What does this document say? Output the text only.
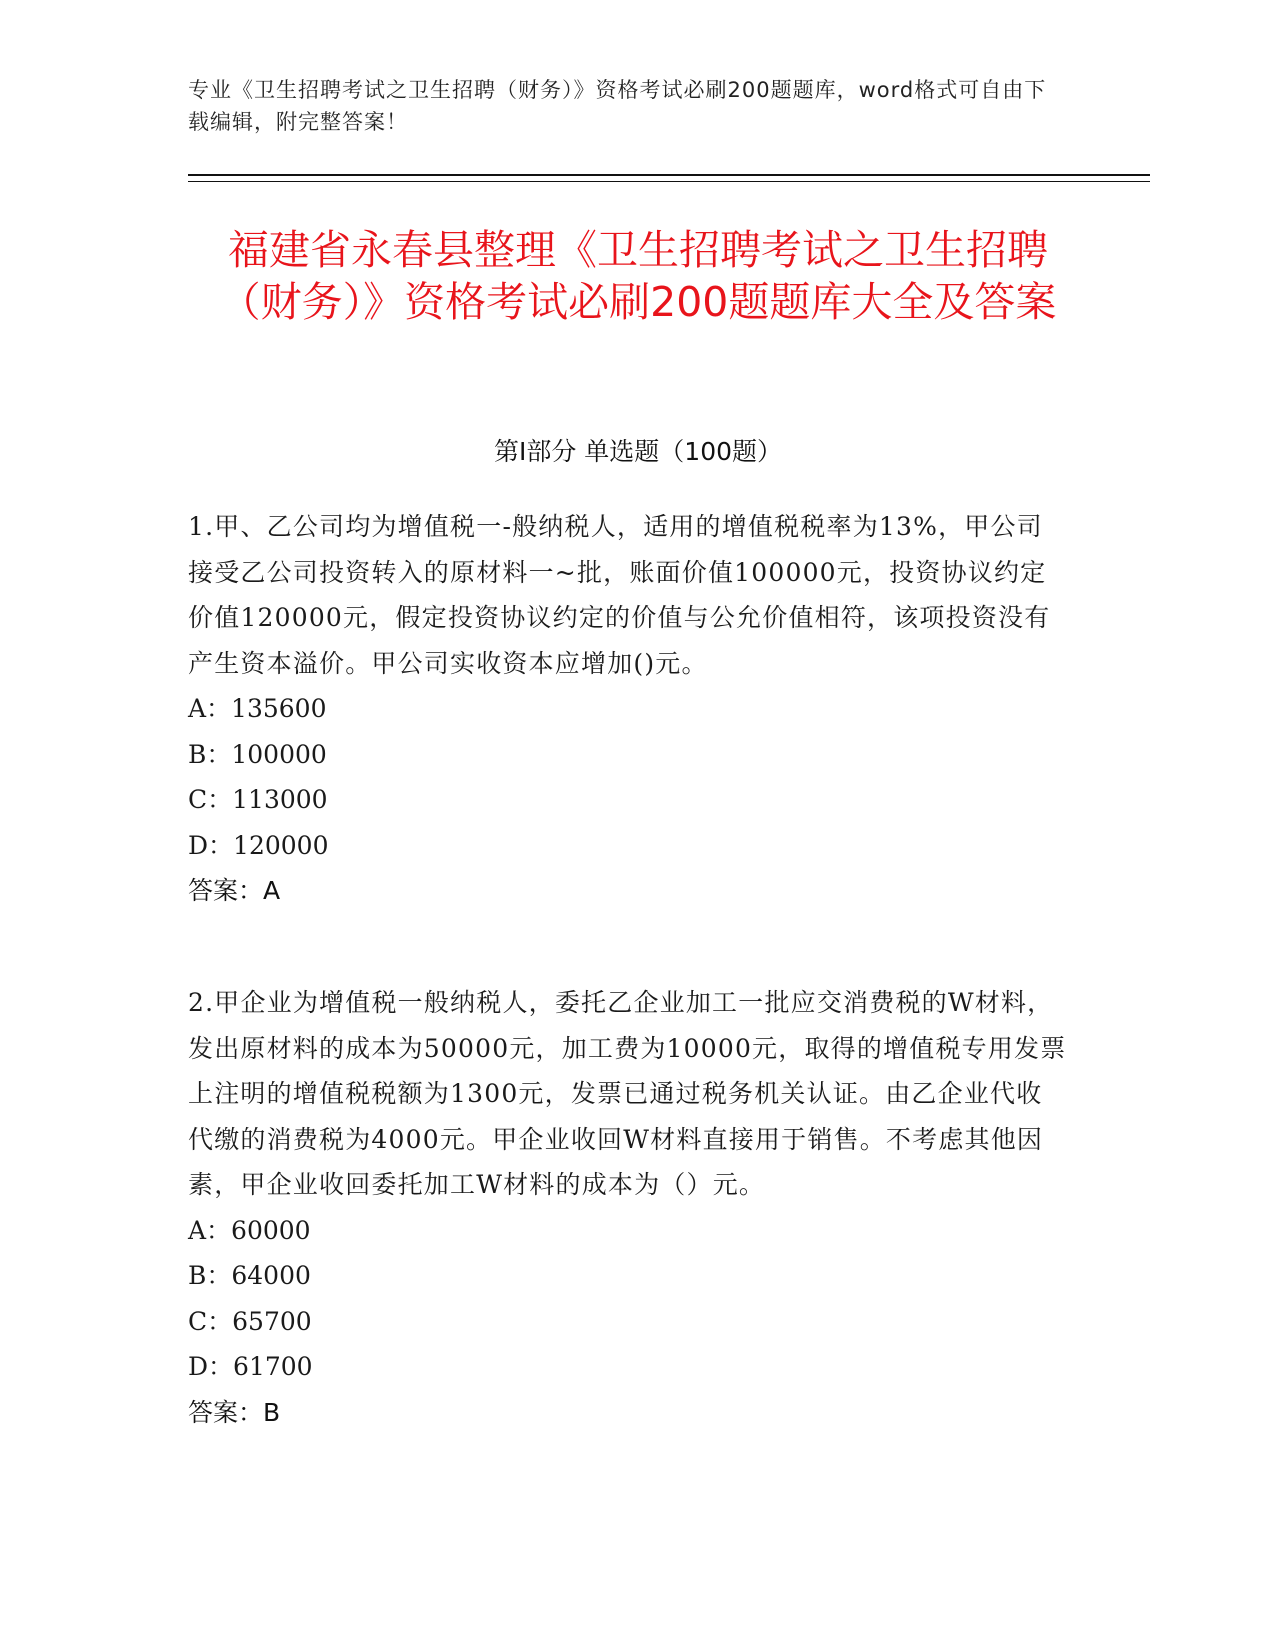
专业《卫生招聘考试之卫生招聘（财务）》资格考试必刷200题题库，word格式可自由下载编辑，附完整答案！
福建省永春县整理《卫生招聘考试之卫生招聘（财务）》资格考试必刷200题题库大全及答案
第Ⅰ部分 单选题（100题）

1.甲、乙公司均为增值税一-般纳税人，适用的增值税税率为13%，甲公司接受乙公司投资转入的原材料一~批，账面价值100000元，投资协议约定价值120000元，假定投资协议约定的价值与公允价值相符，该项投资没有产生资本溢价。甲公司实收资本应增加()元。

A：135600

B：100000

C：113000

D：120000

答案：A

2.甲企业为增值税一般纳税人，委托乙企业加工一批应交消费税的W材料，发出原材料的成本为50000元，加工费为10000元，取得的增值税专用发票上注明的增值税税额为1300元，发票已通过税务机关认证。由乙企业代收代缴的消费税为4000元。甲企业收回W材料直接用于销售。不考虑其他因素，甲企业收回委托加工W材料的成本为（）元。

A：60000

B：64000

C：65700

D：61700

答案：B
